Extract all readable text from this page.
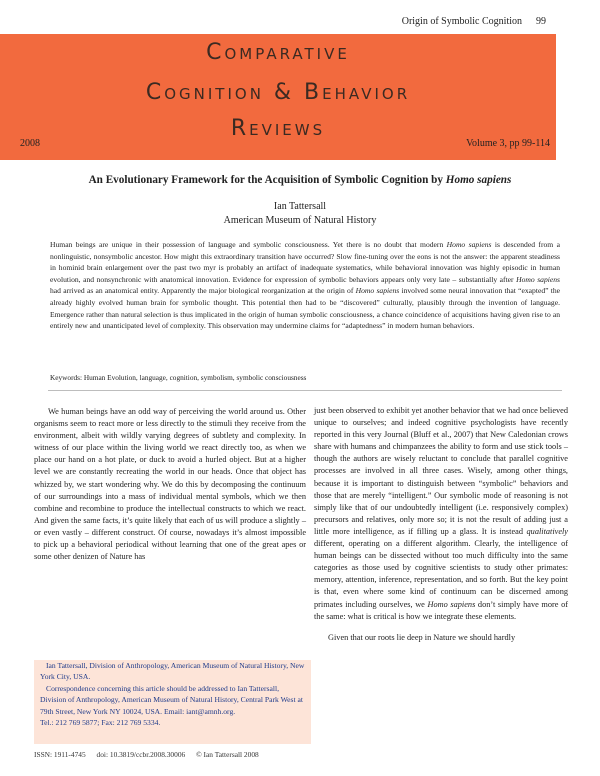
Origin of Symbolic Cognition 99
Comparative
Cognition & Behavior
Reviews
2008	Volume 3, pp 99-114
An Evolutionary Framework for the Acquisition of Symbolic Cognition by Homo sapiens
Ian Tattersall
American Museum of Natural History
Human beings are unique in their possession of language and symbolic consciousness. Yet there is no doubt that modern Homo sapiens is descended from a nonlinguistic, nonsymbolic ancestor. How might this extraordinary transition have occurred? Slow fine-tuning over the eons is not the answer: the apparent steadiness in hominid brain enlargement over the past two myr is probably an artifact of inadequate systematics, while behavioral innovation was highly episodic in human evolution, and nonsynchronic with anatomical innovation. Evidence for expression of symbolic behaviors appears only very late – substantially after Homo sapiens had arrived as an anatomical entity. Apparently the major biological reorganization at the origin of Homo sapiens involved some neural innovation that “exapted” the already highly evolved human brain for symbolic thought. This potential then had to be “discovered” culturally, plausibly through the invention of language. Emergence rather than natural selection is thus implicated in the origin of human symbolic consciousness, a chance coincidence of acquisitions having given rise to an entirely new and unanticipated level of complexity. This observation may undermine claims for “adaptedness” in modern human behaviors.
Keywords: Human Evolution, language, cognition, symbolism, symbolic consciousness

We human beings have an odd way of perceiving the world around us. Other organisms seem to react more or less directly to the stimuli they receive from the environment, albeit with wildly varying degrees of subtlety and complexity. In witness of our place within the living world we react directly too, as when we place our hand on a hot plate, or duck to avoid a hurled object. But at a higher level we are constantly recreating the world in our heads. Once that object has whizzed by, we start wondering why. We do this by decomposing the continuum of our surroundings into a mass of individual mental symbols, which we then combine and recombine to produce the intellectual constructs to which we react. And given the same facts, it’s quite likely that each of us will produce a slightly – or even vastly – different construct. Of course, nowadays it’s almost impossible to pick up a behavioral periodical without learning that one of the great apes or some other denizen of Nature has

just been observed to exhibit yet another behavior that we had once believed unique to ourselves; and indeed cognitive psychologists have recently reported in this very Journal (Bluff et al., 2007) that New Caledonian crows share with humans and chimpanzees the ability to form and use stick tools – though the authors are wisely reluctant to conclude that parallel cognitive processes are involved in all three cases. Wisely, among other things, because it is important to distinguish between “symbolic” behaviors and those that are merely “intelligent.” Our symbolic mode of reasoning is not simply like that of our undoubtedly intelligent (i.e. responsively complex) precursors and relatives, only more so; it is not the result of adding just a little more intelligence, as if filling up a glass. It is instead qualitatively different, operating on a different algorithm. Clearly, the intelligence of human beings can be dissected without too much difficulty into the same categories as those used by cognitive scientists to study other primates: memory, attention, inference, representation, and so forth. But the key point is that, even where some kind of continuum can be discerned among primates including ourselves, we Homo sapiens don’t simply have more of the same: what is critical is how we integrate these elements.

Given that our roots lie deep in Nature we should hardly

Ian Tattersall, Division of Anthropology, American Museum of Natural History, New York City, USA.

Correspondence concerning this article should be addressed to Ian Tattersall, Division of Anthropology, American Museum of Natural History, Central Park West at 79th Street, New York NY 10024, USA. Email: iant@amnh.org.

Tel.: 212 769 5877; Fax: 212 769 5334.

ISSN: 1911-4745 doi: 10.3819/ccbr.2008.30006 © Ian Tattersall 2008
